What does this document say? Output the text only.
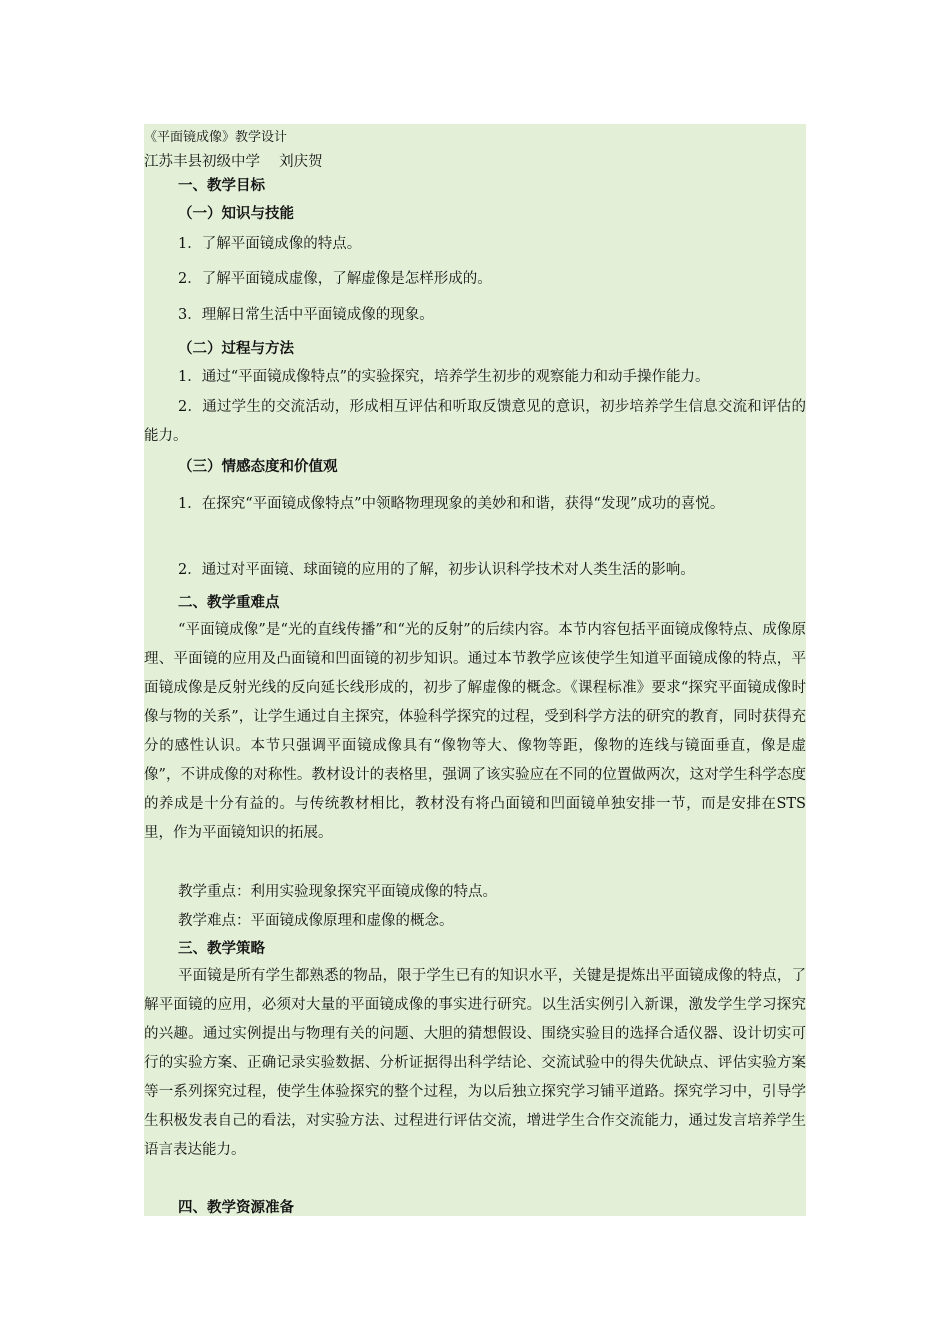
《平面镜成像》教学设计
江苏丰县初级中学 　刘庆贺
一、教学目标
（一）知识与技能
1．了解平面镜成像的特点。
2．了解平面镜成虚像，了解虚像是怎样形成的。
3．理解日常生活中平面镜成像的现象。
（二）过程与方法
1．通过“平面镜成像特点”的实验探究，培养学生初步的观察能力和动手操作能力。
2．通过学生的交流活动，形成相互评估和听取反馈意见的意识，初步培养学生信息交流和评估的能力。
（三）情感态度和价值观
1．在探究“平面镜成像特点”中领略物理现象的美妙和和谐，获得“发现”成功的喜悦。
2．通过对平面镜、球面镜的应用的了解，初步认识科学技术对人类生活的影响。
二、教学重难点
“平面镜成像”是“光的直线传播”和“光的反射”的后续内容。本节内容包括平面镜成像特点、成像原理、平面镜的应用及凸面镜和凹面镜的初步知识。通过本节教学应该使学生知道平面镜成像的特点，平面镜成像是反射光线的反向延长线形成的，初步了解虚像的概念。《课程标准》要求“探究平面镜成像时像与物的关系”，让学生通过自主探究，体验科学探究的过程，受到科学方法的研究的教育，同时获得充分的感性认识。本节只强调平面镜成像具有“像物等大、像物等距，像物的连线与镜面垂直，像是虚像”，不讲成像的对称性。教材设计的表格里，强调了该实验应在不同的位置做两次，这对学生科学态度的养成是十分有益的。与传统教材相比，教材没有将凸面镜和凹面镜单独安排一节，而是安排在STS里，作为平面镜知识的拓展。
教学重点：利用实验现象探究平面镜成像的特点。
教学难点：平面镜成像原理和虚像的概念。
三、教学策略
平面镜是所有学生都熟悉的物品，限于学生已有的知识水平，关键是提炼出平面镜成像的特点，了解平面镜的应用，必须对大量的平面镜成像的事实进行研究。以生活实例引入新课，激发学生学习探究的兴趣。通过实例提出与物理有关的问题、大胆的猜想假设、围绕实验目的选择合适仪器、设计切实可行的实验方案、正确记录实验数据、分析证据得出科学结论、交流试验中的得失优缺点、评估实验方案等一系列探究过程，使学生体验探究的整个过程，为以后独立探究学习铺平道路。探究学习中，引导学生积极发表自己的看法，对实验方法、过程进行评估交流，增进学生合作交流能力，通过发言培养学生语言表达能力。
四、教学资源准备
